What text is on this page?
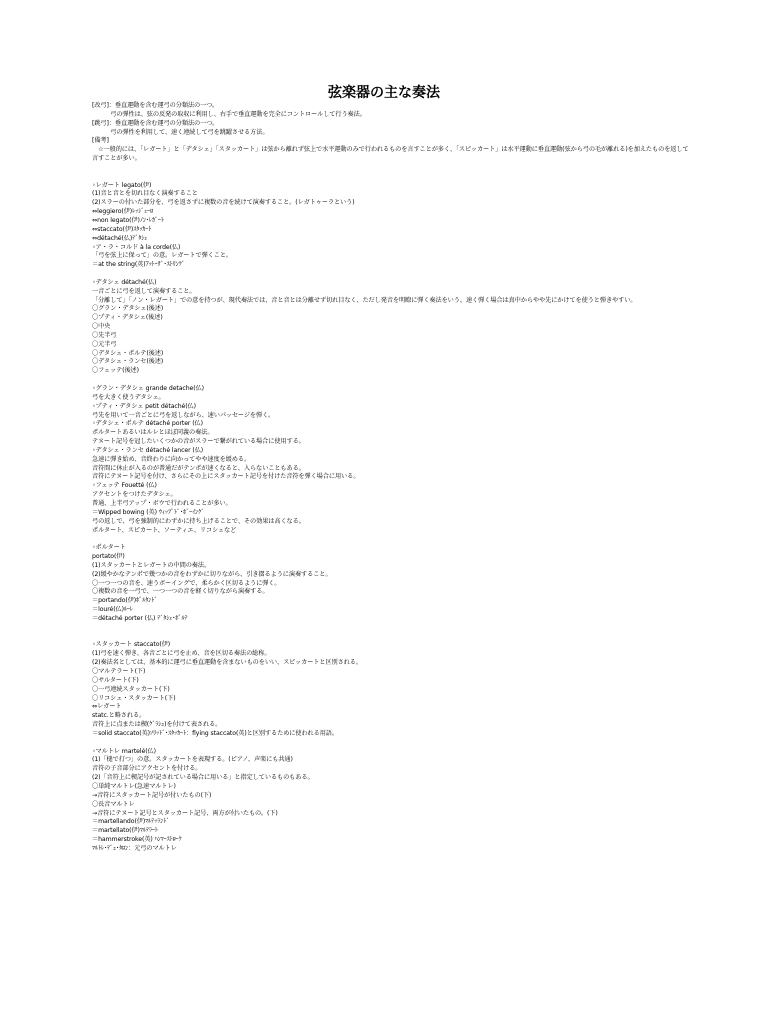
弦楽器の主な奏法
[改弓]：垂直運動を含む運弓の分類法の一つ。
　　　弓の弾性は、弦の反発の取収に利用し、右手で垂直運動を完全にコントロールして行う奏法。
[跳弓]：垂直運動を含む運弓の分類法の一つ。
　　　弓の弾性を利用して、速く連続して弓を跳躍させる方法。
[備考]
　☆一般的には、「レガート」と「デタシェ」「スタッカート」は弦から離れず弦上で水平運動のみで行われるものを言すことが多く、「スピッカート」は水平運動に垂直運動(弦から弓の毛が離れる)を加えたものを返して言すことが多い。
◦レガート legato(伊)
(1)音と音とを切れ目なく演奏すること
(2)スラーの付いた部分を、弓を返さずに複数の音を続けて演奏すること。(レガトゥーラという)
⇔leggiero(伊)ﾚｯｼﾞｪｰﾛ
⇔non legato(伊)ﾉﾝ･ﾚｶﾞｰﾄ
⇔staccato(伊)ｽﾀｯｶｰﾄ
⇔détaché(仏)ﾃﾞﾀｼｪ
◦ア・ラ・コルド à la corde(仏)
「弓を弦上に保って」の意。レガートで弾くこと。
＝at the string(英)ｱｯﾄ･ｻﾞ･ｽﾄﾘﾝｸﾞ
◦デタシェ détaché(仏)
一音ごとに弓を返して演奏すること。
「分離して」「ノン・レガート」での意を持つが、現代奏法では、音と音とは分離せず切れ目なく、ただし発音を明瞭に弾く奏法をいう。速く弾く場合は真中からやや先にかけてを使うと弾きやすい。
〇グラン・デタシェ(後述)
〇プティ・デタシェ(後述)
〇中央
〇先半弓
〇元半弓
〇デタシェ・ポルテ(後述)
〇デタシェ・ランセ(後述)
〇フェッテ(後述)
◦グラン・デタシェ grande detache(仏)
弓を大きく使うデタシェ。
◦プティ・デタシェ petit détaché(仏)
弓先を用いて一音ごとに弓を返しながら、速いパッセージを弾く。
◦デタシェ・ポルテ détaché porter (仏)
ポルタートあるいはルレとほぼ同義の奏法。
テヌート記号を冠したいくつかの音がスラーで繋がれている場合に使用する。
◦デタシェ・ランセ détaché lancer (仏)
急速に弾き始め、音終わりに向かってやや速度を緩める。
音符間に休止が入るのが普通だがテンポが速くなると、入らないこともある。
音符にテヌート記号を付け、さらにその上にスタッカート記号を付けた音符を弾く場合に用いる。
◦フェッテ Fouetté (仏)
アクセントをつけたデタシェ。
普通、上半弓アップ・ボウで行われることが多い。
＝Wipped bowing (英) ｳｨｯﾌﾟﾄﾞ･ﾎﾞｰｲﾝｸﾞ
弓の返しで、弓を強制的にわずかに持ち上げることで、その効果は高くなる。
ポルタート、スピカート、ソーティエ、リコシェなど
◦ポルタート
portato(伊)
(1)スタッカートとレガートの中間の奏法。
(2)緩やかなテンポで幾つかの音をわずかに切りながら、引き摺るように演奏すること。
〇一つ一つの音を、速うボーイングで、柔らかく区切るように弾く。
〇複数の音を一弓で、一つ一つの音を軽く切りながら演奏する。
＝portando(伊)ﾎﾟﾙﾀﾝﾄﾞ
＝louré(仏)ﾙｰﾚ
＝détaché porter (仏) ﾃﾞﾀｼｪ･ﾎﾟﾙﾃ
◦スタッカート staccato(伊)
(1)弓を速く弾き、各音ごとに弓を止め、音を区切る奏法の総称。
(2)奏法名としては、基本的に運弓に垂直運動を含まないものをいい、スピッカートと区別される。
〇マルテラート(下)
〇サルタート(下)
〇一弓連続スタッカート(下)
〇リコシェ・スタッカート(下)
⇔レガート
statc.と略される。
音符上に点または楔(ｸﾞﾗｼｭ)を付けて表される。
＝solid staccato(英)ｿﾘｯﾄﾞ･ｽﾀｯｶｰﾄ：flying staccato(英)と区別するために使われる用語。
◦マルトレ martelé(仏)
(1)「槌で打つ」の意。スタッカートを表現する。(ピアノ、声楽にも共通)
音符の子音部分にアクセントを付ける。
(2)「音符上に楔記号が記されている場合に用いる」と指定しているものもある。
〇単純マルトレ(急速マルトレ)
→音符にスタッカート記号が付いたもの(下)
〇長音マルトレ
→音符にテヌート記号とスタッカート記号、両方が付いたもの。(下)
＝martellando(伊)ﾏﾙﾃｯﾗﾝﾄﾞ
＝martellato(伊)ﾏﾙﾃﾗｰﾄ
＝hammerstroke(英) ﾊﾝﾏｰｽﾄﾛｰｸ
ﾏﾙﾄﾚ･ﾃﾞｭ･ﾀﾛﾝ：元弓のマルトレ
